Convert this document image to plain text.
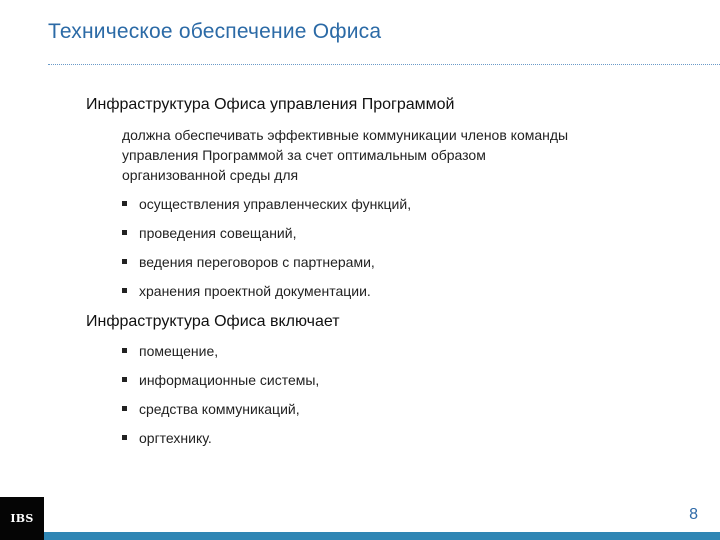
Техническое обеспечение Офиса
Инфраструктура Офиса управления Программой
должна обеспечивать эффективные коммуникации членов команды
управления Программой за счет оптимальным образом
организованной среды для
осуществления управленческих функций,
проведения совещаний,
ведения переговоров с партнерами,
хранения проектной документации.
Инфраструктура Офиса включает
помещение,
информационные системы,
средства коммуникаций,
оргтехнику.
IBS	8
